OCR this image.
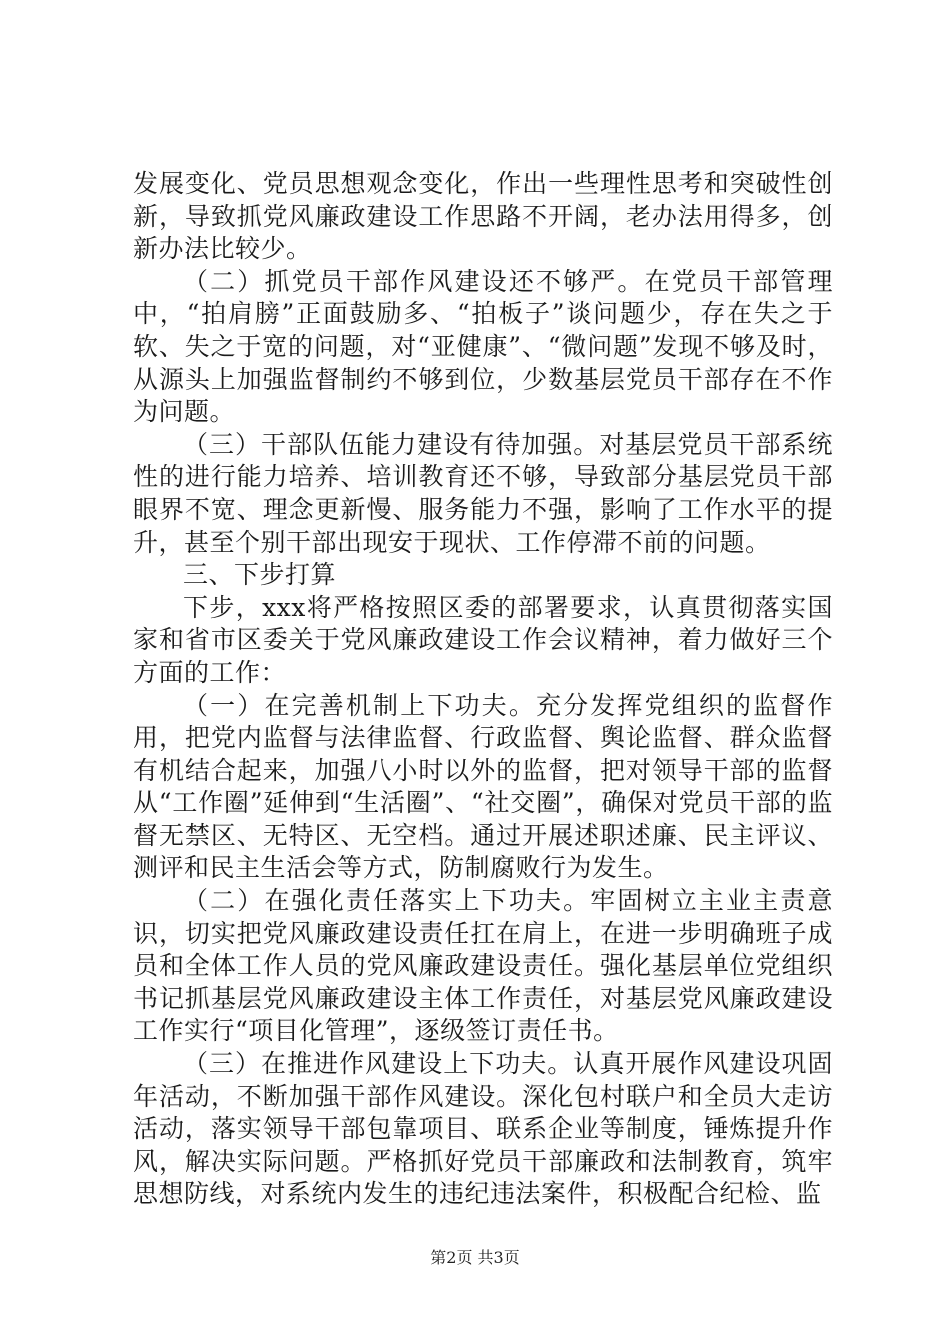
发展变化、党员思想观念变化，作出一些理性思考和突破性创新，导致抓党风廉政建设工作思路不开阔，老办法用得多，创新办法比较少。

（二）抓党员干部作风建设还不够严。在党员干部管理中，“拍肩膀”正面鼓励多、“拍板子”谈问题少，存在失之于软、失之于宽的问题，对“亚健康”、“微问题”发现不够及时，从源头上加强监督制约不够到位，少数基层党员干部存在不作为问题。

（三）干部队伍能力建设有待加强。对基层党员干部系统性的进行能力培养、培训教育还不够，导致部分基层党员干部眼界不宽、理念更新慢、服务能力不强，影响了工作水平的提升，甚至个别干部出现安于现状、工作停滞不前的问题。

三、下步打算

下步，xxx将严格按照区委的部署要求，认真贯彻落实国家和省市区委关于党风廉政建设工作会议精神，着力做好三个方面的工作：

（一）在完善机制上下功夫。充分发挥党组织的监督作用，把党内监督与法律监督、行政监督、舆论监督、群众监督有机结合起来，加强八小时以外的监督，把对领导干部的监督从“工作圈”延伸到“生活圈”、“社交圈”，确保对党员干部的监督无禁区、无特区、无空档。通过开展述职述廉、民主评议、测评和民主生活会等方式，防制腐败行为发生。

（二）在强化责任落实上下功夫。牢固树立主业主责意识，切实把党风廉政建设责任扛在肩上，在进一步明确班子成员和全体工作人员的党风廉政建设责任。强化基层单位党组织书记抓基层党风廉政建设主体工作责任，对基层党风廉政建设工作实行“项目化管理”，逐级签订责任书。

（三）在推进作风建设上下功夫。认真开展作风建设巩固年活动，不断加强干部作风建设。深化包村联户和全员大走访活动，落实领导干部包靠项目、联系企业等制度，锤炼提升作风，解决实际问题。严格抓好党员干部廉政和法制教育，筑牢思想防线，对系统内发生的违纪违法案件，积极配合纪检、监

第2页 共3页
